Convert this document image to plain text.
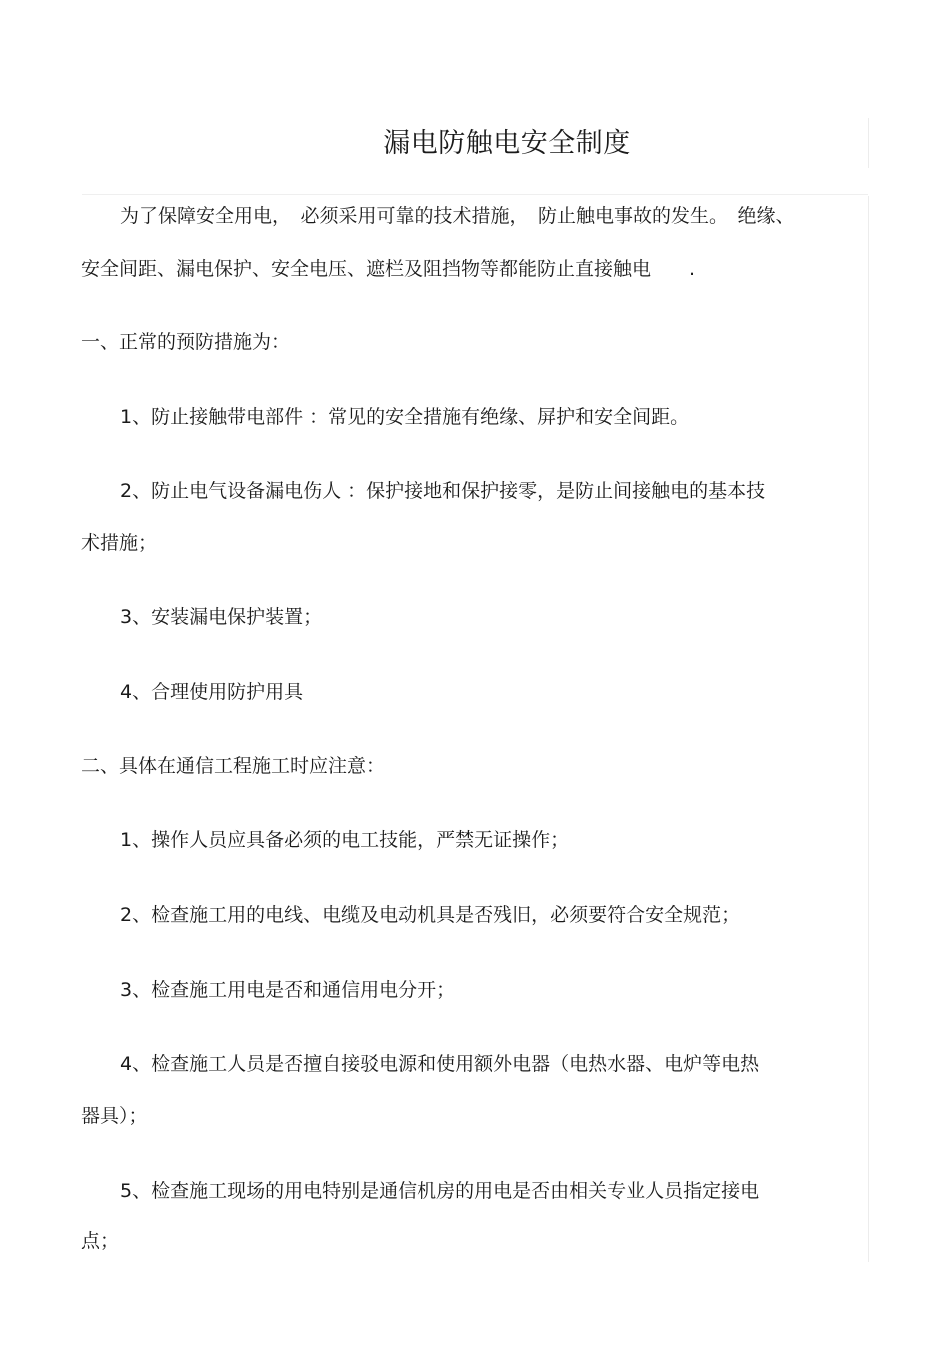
漏电防触电安全制度

为了保障安全用电，　必须采用可靠的技术措施，　防止触电事故的发生。　绝缘、

安全间距、漏电保护、安全电压、遮栏及阻挡物等都能防止直接触电　　.

一、正常的预防措施为：

1、防止接触带电部件 ：常见的安全措施有绝缘、屏护和安全间距。

2、防止电气设备漏电伤人 ：保护接地和保护接零，是防止间接触电的基本技

术措施；

3、安装漏电保护装置；

4、合理使用防护用具

二、具体在通信工程施工时应注意：

1、操作人员应具备必须的电工技能，严禁无证操作；

2、检查施工用的电线、电缆及电动机具是否残旧，必须要符合安全规范；

3、检查施工用电是否和通信用电分开；

4、检查施工人员是否擅自接驳电源和使用额外电器（电热水器、电炉等电热

器具）；

5、检查施工现场的用电特别是通信机房的用电是否由相关专业人员指定接电

点；
